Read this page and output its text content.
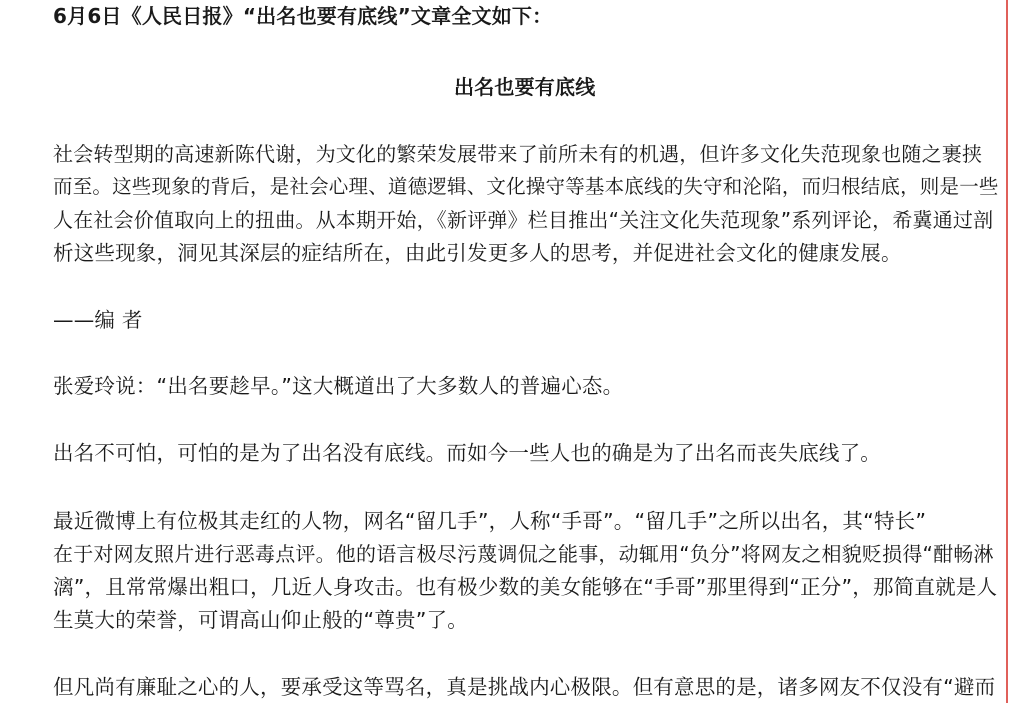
6月6日《人民日报》“出名也要有底线”文章全文如下：
出名也要有底线
社会转型期的高速新陈代谢，为文化的繁荣发展带来了前所未有的机遇，但许多文化失范现象也随之裹挟
而至。这些现象的背后，是社会心理、道德逻辑、文化操守等基本底线的失守和沦陷，而归根结底，则是一些
人在社会价值取向上的扭曲。从本期开始，《新评弹》栏目推出“关注文化失范现象”系列评论，希冀通过剖
析这些现象，洞见其深层的症结所在，由此引发更多人的思考，并促进社会文化的健康发展。
——编 者
张爱玲说：“出名要趁早。”这大概道出了大多数人的普遍心态。
出名不可怕，可怕的是为了出名没有底线。而如今一些人也的确是为了出名而丧失底线了。
最近微博上有位极其走红的人物，网名“留几手”，人称“手哥”。“留几手”之所以出名，其“特长”
在于对网友照片进行恶毒点评。他的语言极尽污蔑调侃之能事，动辄用“负分”将网友之相貌贬损得“酣畅淋
漓”，且常常爆出粗口，几近人身攻击。也有极少数的美女能够在“手哥”那里得到“正分”，那简直就是人
生莫大的荣誉，可谓高山仰止般的“尊贵”了。
但凡尚有廉耻之心的人，要承受这等骂名，真是挑战内心极限。但有意思的是，诸多网友不仅没有“避而
